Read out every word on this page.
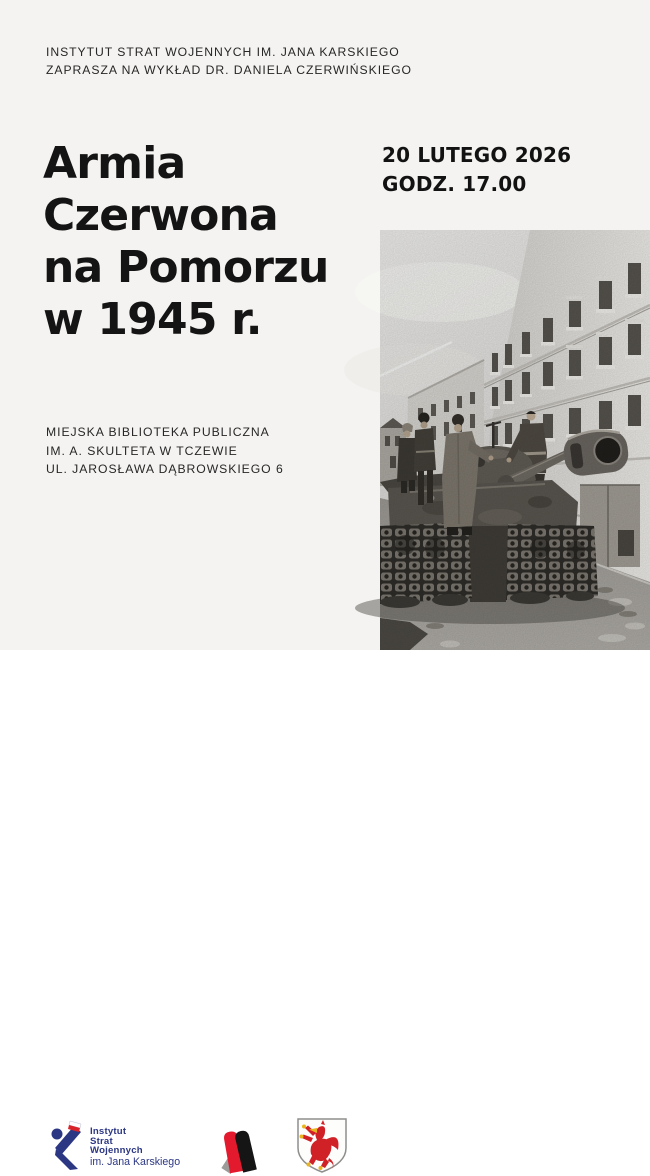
INSTYTUT STRAT WOJENNYCH IM. JANA KARSKIEGO
ZAPRASZA NA WYKŁAD DR. DANIELA CZERWIŃSKIEGO
Armia
Czerwona
na Pomorzu
w 1945 r.
20 LUTEGO 2026
GODZ. 17.00
MIEJSKA BIBLIOTEKA PUBLICZNA
IM. A. SKULTETA W TCZEWIE
UL. JAROSŁAWA DĄBROWSKIEGO 6
Instytut
Strat
Wojennych
im. Jana Karskiego
